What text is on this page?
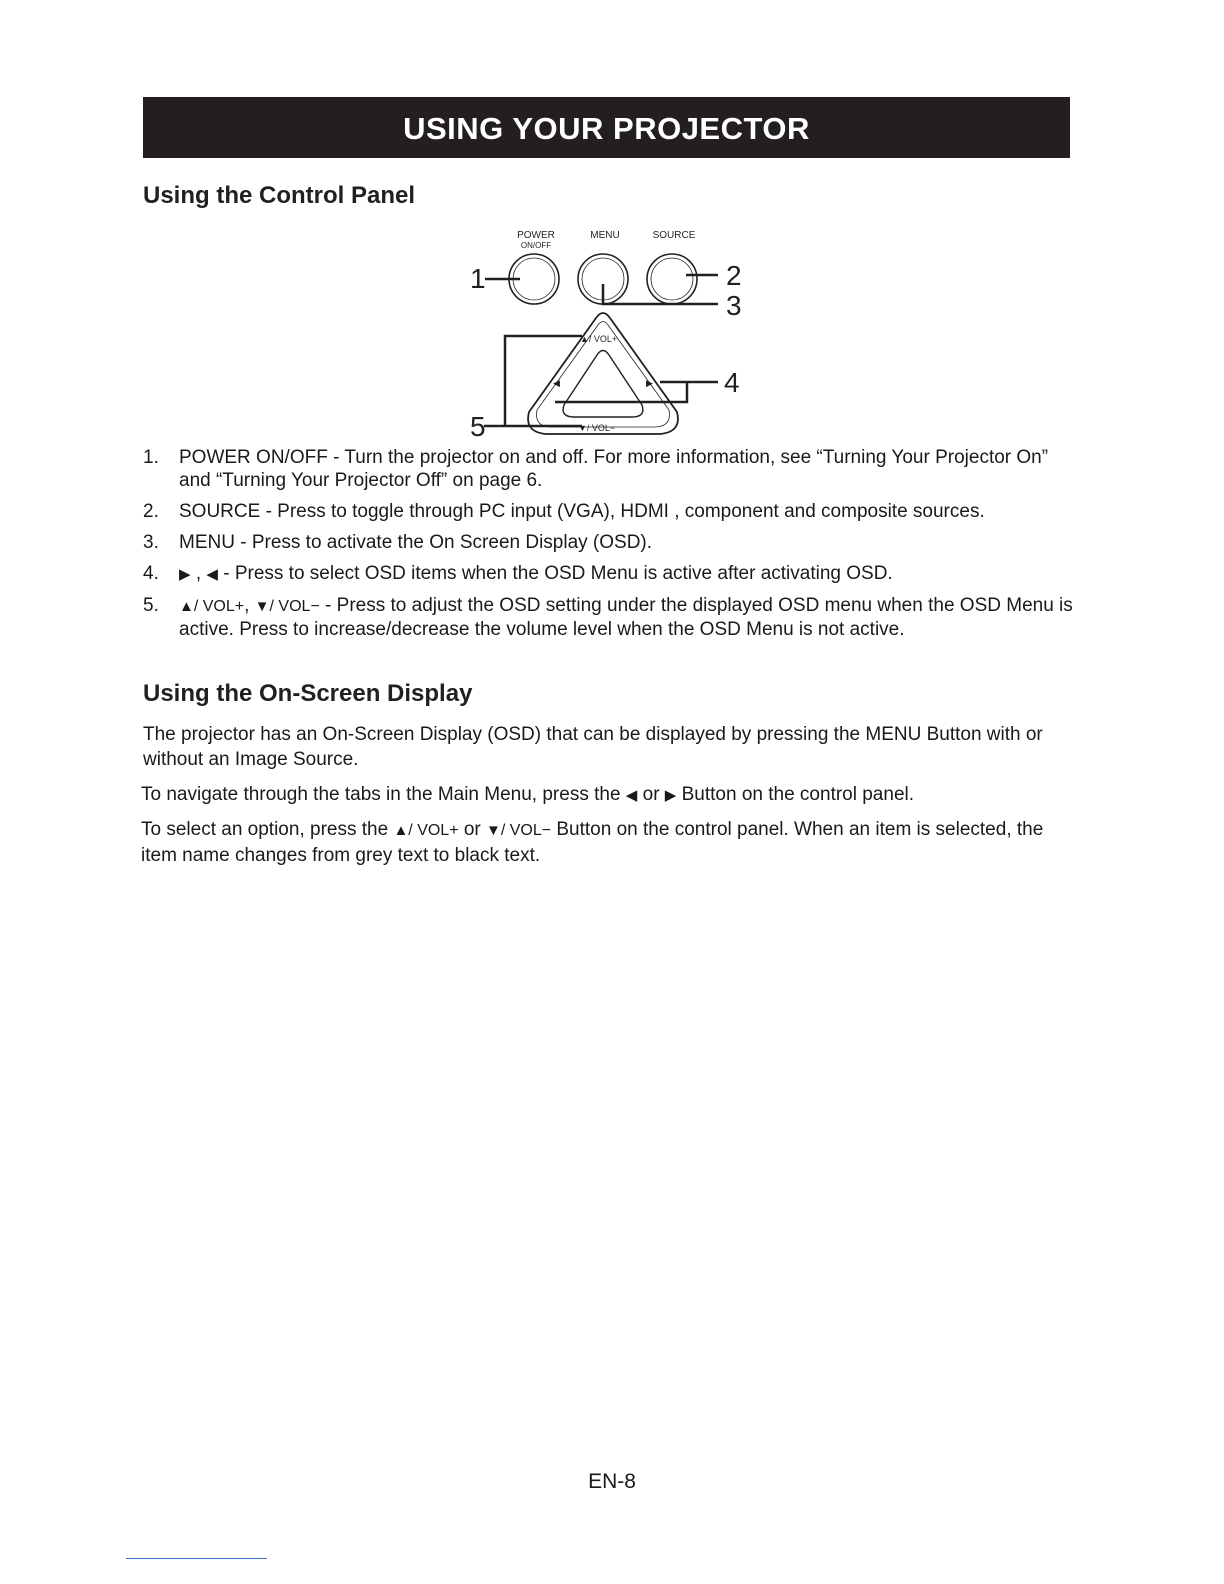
USING YOUR PROJECTOR
Using the Control Panel
POWER
ON/OFF
MENU	SOURCE
▲/ VOL+
◀	▶
▼/ VOL−
1	2
3
4
5
1. POWER ON/OFF - Turn the projector on and off. For more information, see “Turning Your Projector On” and “Turning Your Projector Off” on page 6.
2. SOURCE - Press to toggle through PC input (VGA), HDMI , component and composite sources.
3. MENU - Press to activate the On Screen Display (OSD).
4. ▶ , ◀ - Press to select OSD items when the OSD Menu is active after activating OSD.
5. ▲/ VOL+, ▼/ VOL− - Press to adjust the OSD setting under the displayed OSD menu when the OSD Menu is active. Press to increase/decrease the volume level when the OSD Menu is not active.
Using the On-Screen Display
The projector has an On-Screen Display (OSD) that can be displayed by pressing the MENU Button with or without an Image Source.
To navigate through the tabs in the Main Menu, press the ◀ or ▶ Button on the control panel.
To select an option, press the ▲/ VOL+ or ▼/ VOL− Button on the control panel. When an item is selected, the item name changes from grey text to black text.
EN-8
